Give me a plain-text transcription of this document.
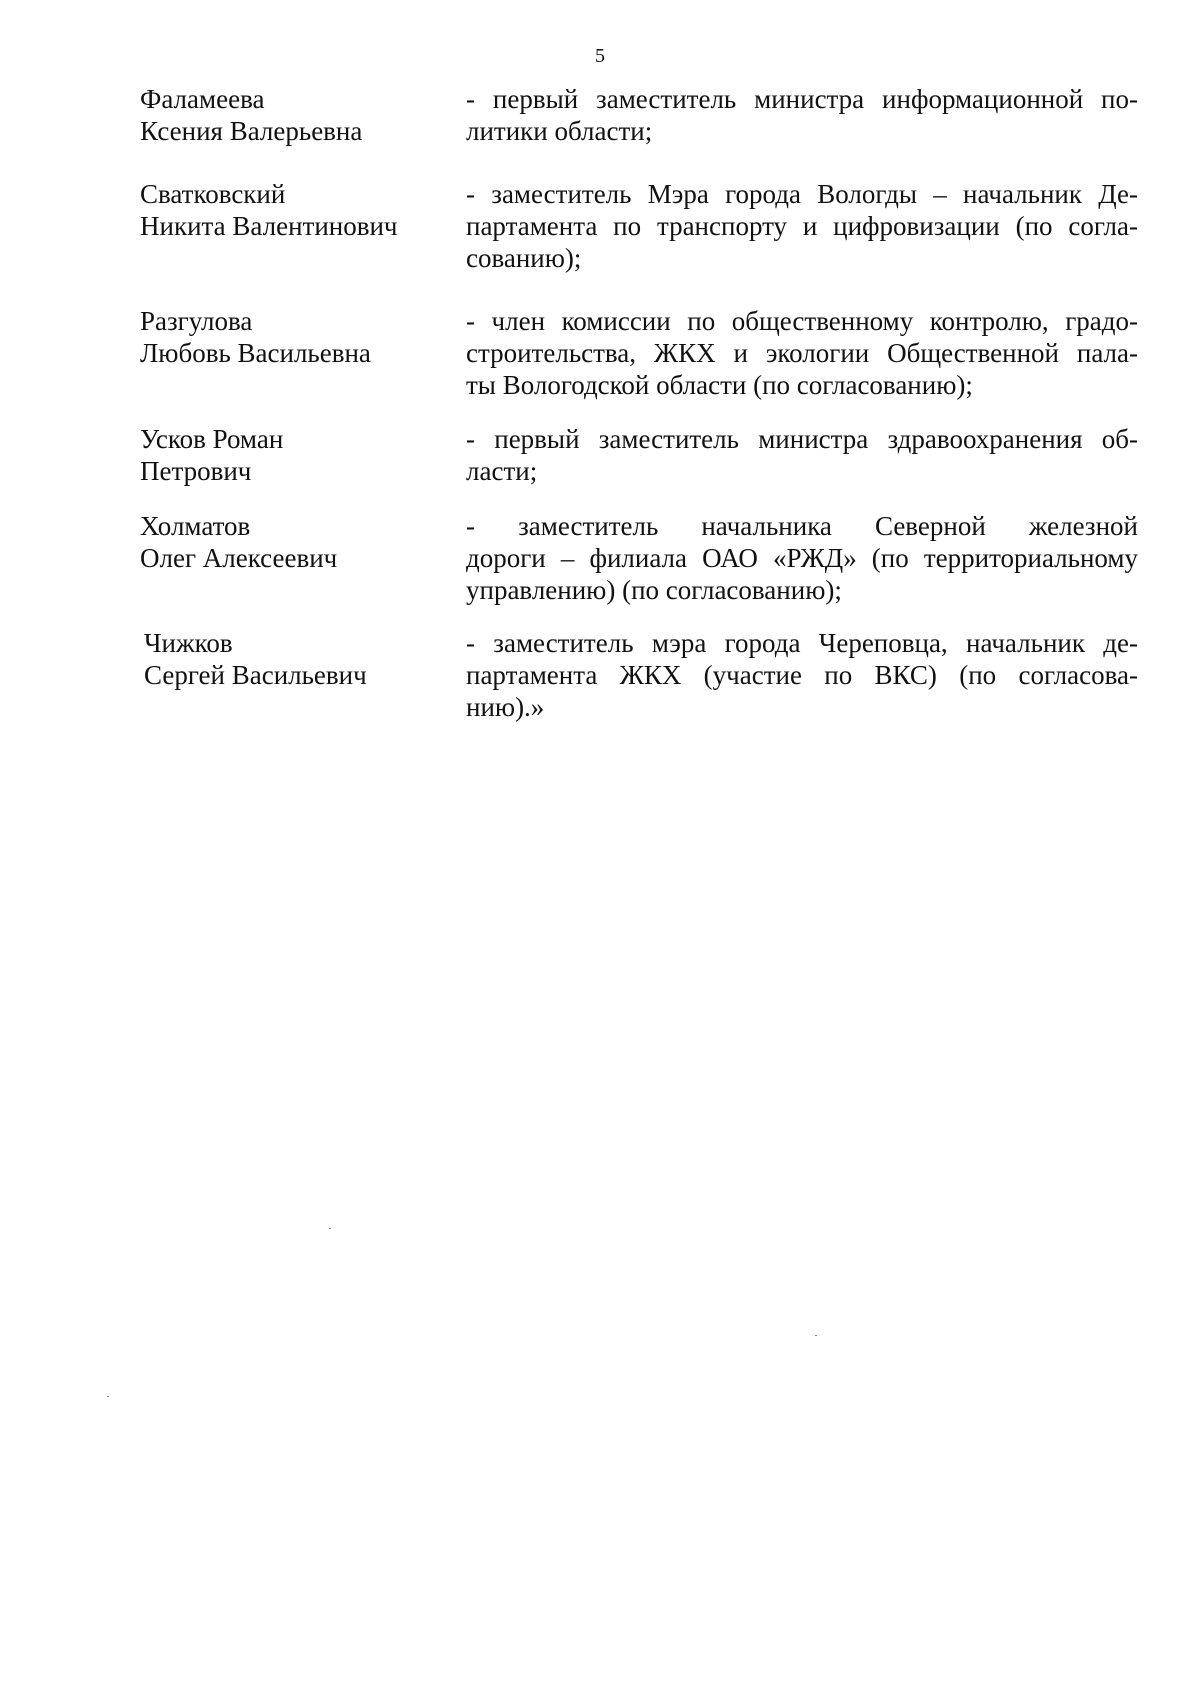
5
Фаламеева
Ксения Валерьевна
- первый заместитель министра информационной по-
литики области;
Сватковский
Никита Валентинович
- заместитель Мэра города Вологды – начальник Де-
партамента по транспорту и цифровизации (по согла-
сованию);
Разгулова
Любовь Васильевна
- член комиссии по общественному контролю, градо-
строительства, ЖКХ и экологии Общественной пала-
ты Вологодской области (по согласованию);
Усков Роман
Петрович
- первый заместитель министра здравоохранения об-
ласти;
Холматов
Олег Алексеевич
- заместитель начальника Северной железной
дороги – филиала ОАО «РЖД» (по территориальному
управлению) (по согласованию);
Чижков
Сергей Васильевич
- заместитель мэра города Череповца, начальник де-
партамента ЖКХ (участие по ВКС) (по согласова-
нию).»
